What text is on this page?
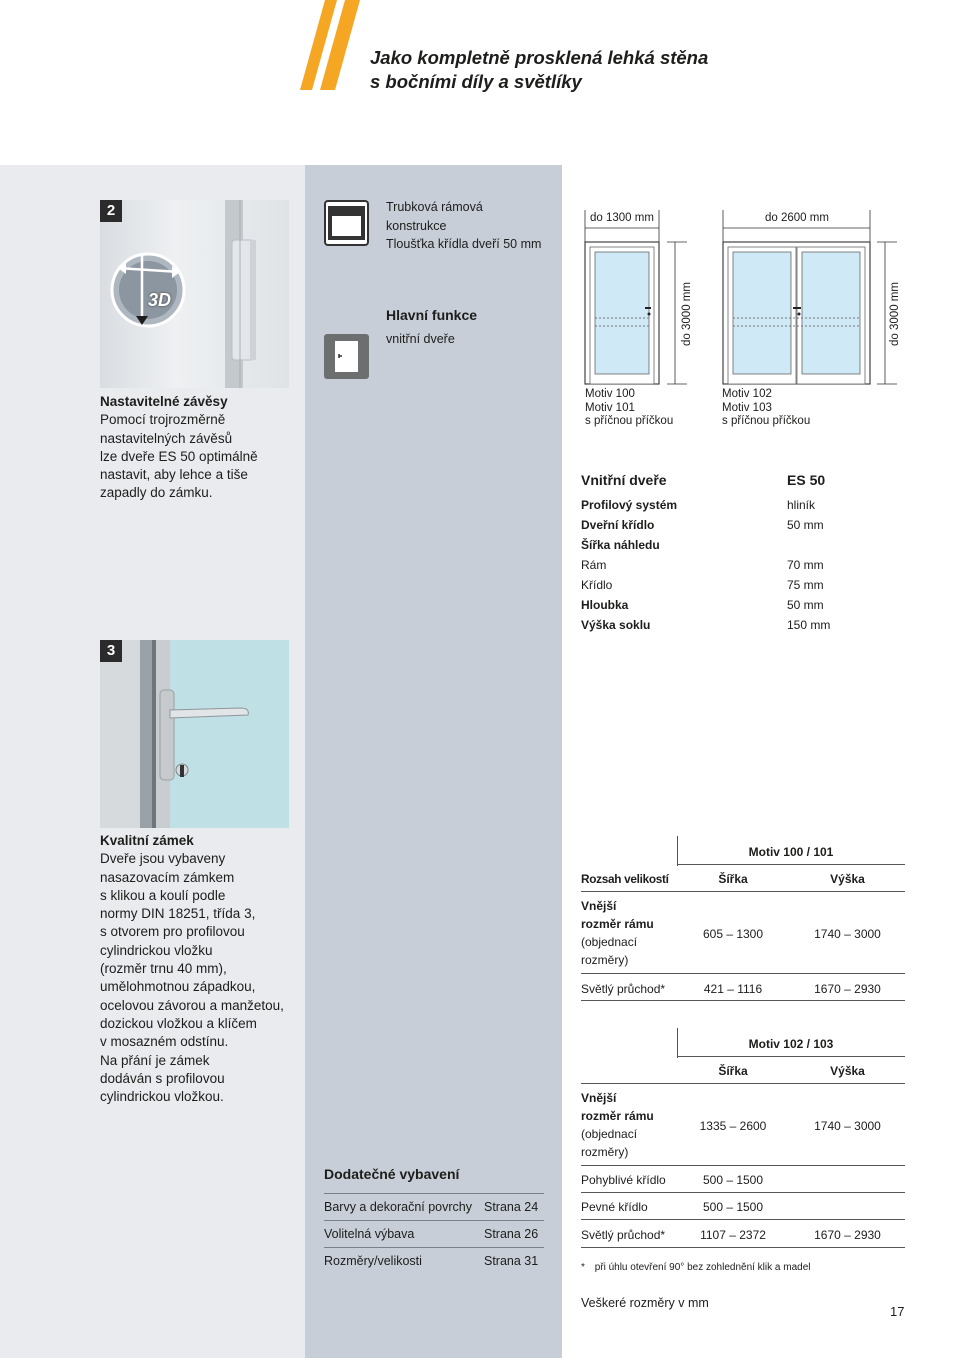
Jako kompletně prosklená lehká stěna
s bočními díly a světlíky
2
3D
Nastavitelné závěsy
Pomocí trojrozměrně
nastavitelných závěsů
lze dveře ES 50 optimálně
nastavit, aby lehce a tiše
zapadly do zámku.
3
Kvalitní zámek
Dveře jsou vybaveny
nasazovacím zámkem
s klikou a koulí podle
normy DIN 18251, třída 3,
s otvorem pro profilovou
cylindrickou vložku
(rozměr trnu 40 mm),
umělohmotnou západkou,
ocelovou závorou a manžetou,
dozickou vložkou a klíčem
v mosazném odstínu.
Na přání je zámek
dodáván s profilovou
cylindrickou vložkou.
Trubková rámová
konstrukce
Tloušťka křídla dveří 50 mm
Hlavní funkce
vnitřní dveře
do 1300 mm	do 2600 mm
do 3000 mm	do 3000 mm
Motiv 100
Motiv 101
s příčnou příčkou
Motiv 102
Motiv 103
s příčnou příčkou
Vnitřní dveře	ES 50
Profilový systém	hliník
Dveřní křídlo	50 mm
Šířka náhledu
Rám	70 mm
Křídlo	75 mm
Hloubka	50 mm
Výška soklu	150 mm
Dodatečné vybavení
Barvy a dekorační povrchy Strana 24
Volitelná výbava	Strana 26
Rozměry/velikosti	Strana 31
Motiv 100 / 101
Rozsah velikostí	Šířka	Výška
Vnější
rozměr rámu
(objednací
rozměry)
605 – 1300	1740 – 3000
Světlý průchod*	421 – 1116	1670 – 2930
Motiv 102 / 103
Šířka	Výška
Vnější
rozměr rámu
(objednací
rozměry)
1335 – 2600	1740 – 3000
Pohyblivé křídlo	500 – 1500
Pevné křídlo	500 – 1500
Světlý průchod*	1107 – 2372	1670 – 2930
* při úhlu otevření 90° bez zohlednění klik a madel
Veškeré rozměry v mm
17
